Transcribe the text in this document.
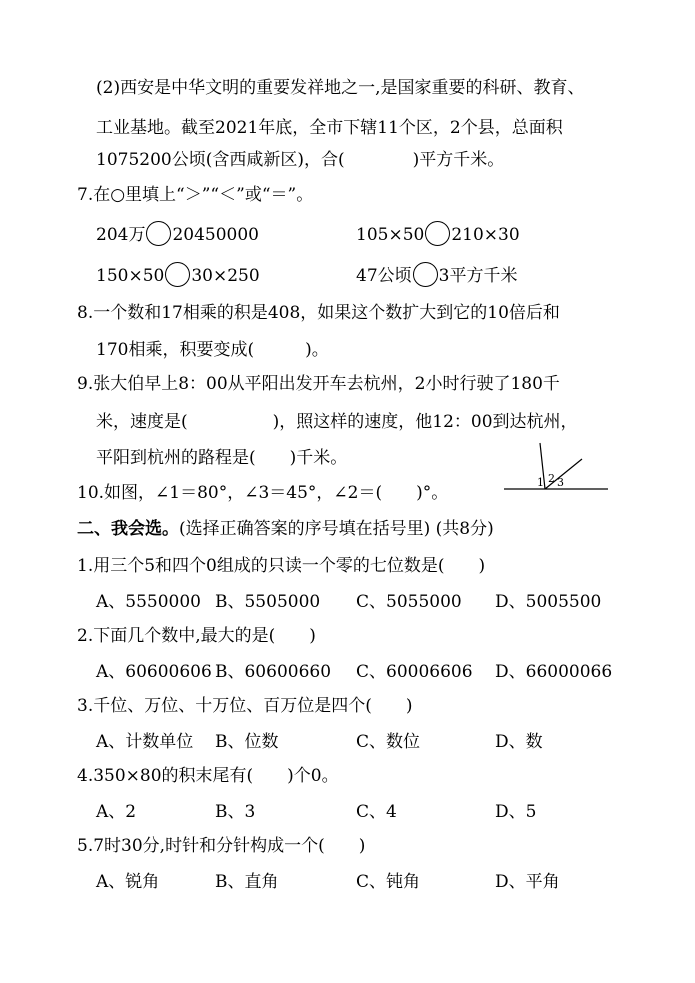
(2)西安是中华文明的重要发祥地之一,是国家重要的科研、教育、
工业基地。截至2021年底，全市下辖11个区，2个县，总面积
1075200公顷(含西咸新区)，合(　　　　)平方千米。
7.在○里填上“＞”“＜”或“＝”。
204万 20450000	105×50 210×30
150×50 30×250	47公顷 3平方千米
8.一个数和17相乘的积是408，如果这个数扩大到它的10倍后和
170相乘，积要变成(　　　)。
9.张大伯早上8：00从平阳出发开车去杭州，2小时行驶了180千
米，速度是(　　　　　)，照这样的速度，他12：00到达杭州，
平阳到杭州的路程是(　　)千米。
10.如图，∠1＝80°，∠3＝45°，∠2＝(　　)°。
1 2 3
二、我会选。(选择正确答案的序号填在括号里) (共8分)
1.用三个5和四个0组成的只读一个零的七位数是(　　)
A、5550000 B、5505000 C、5055000 D、5005500
2.下面几个数中,最大的是(　　)
A、60600606 B、60600660 C、60006606 D、66000066
3.千位、万位、十万位、百万位是四个(　　)
A、计数单位 B、位数	C、数位	D、数
4.350×80的积末尾有(　　)个0。
A、2	B、3	C、4	D、5
5.7时30分,时针和分针构成一个(　　)
A、锐角	B、直角	C、钝角	D、平角
